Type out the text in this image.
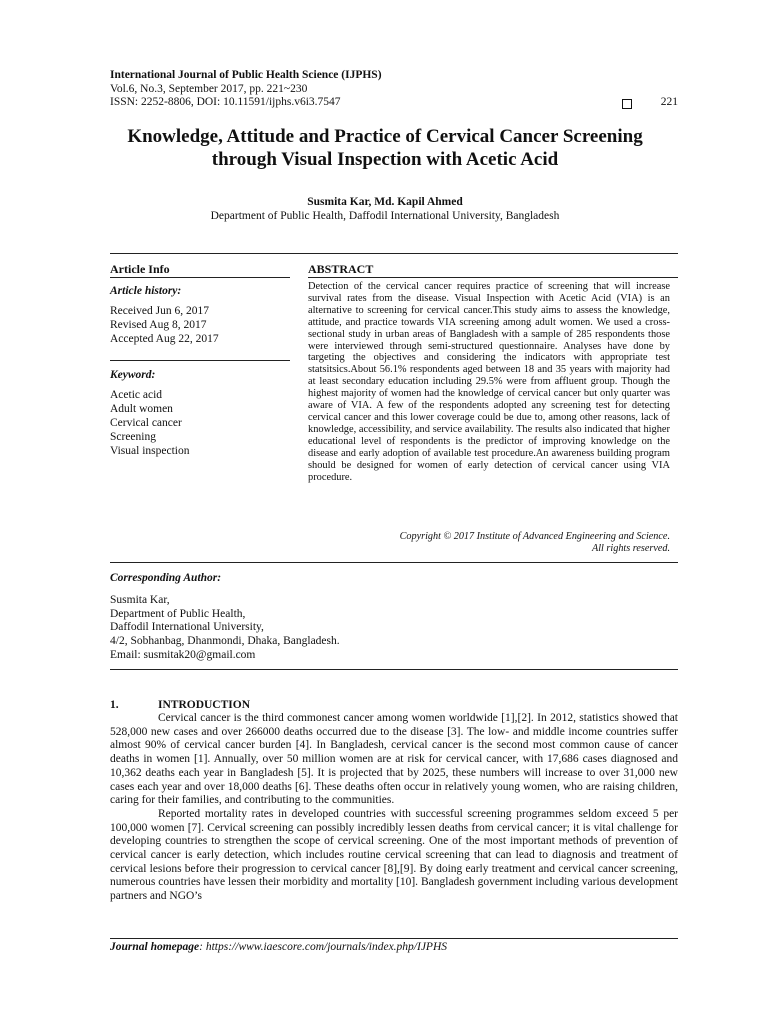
International Journal of Public Health Science (IJPHS)
Vol.6, No.3, September 2017, pp. 221~230
ISSN: 2252-8806, DOI: 10.11591/ijphs.v6i3.7547	221
Knowledge, Attitude and Practice of Cervical Cancer Screening
through Visual Inspection with Acetic Acid
Susmita Kar, Md. Kapil Ahmed
Department of Public Health, Daffodil International University, Bangladesh
Article Info	ABSTRACT
Article history:
Received Jun 6, 2017
Revised Aug 8, 2017
Accepted Aug 22, 2017
Keyword:
Acetic acid
Adult women
Cervical cancer
Screening
Visual inspection
Detection of the cervical cancer requires practice of screening that will increase survival rates from the disease. Visual Inspection with Acetic Acid (VIA) is an alternative to screening for cervical cancer.This study aims to assess the knowledge, attitude, and practice towards VIA screening among adult women. We used a cross-sectional study in urban areas of Bangladesh with a sample of 285 respondents those were interviewed through semi-structured questionnaire. Analyses have done by targeting the objectives and considering the indicators with appropriate test statsitsics.About 56.1% respondents aged between 18 and 35 years with majority had at least secondary education including 29.5% were from affluent group. Though the highest majority of women had the knowledge of cervical cancer but only quarter was aware of VIA. A few of the respondents adopted any screening test for detecting cervical cancer and this lower coverage could be due to, among other reasons, lack of knowledge, accessibility, and service availability. The results also indicated that higher educational level of respondents is the predictor of improving knowledge on the disease and early adoption of available test procedure.An awareness building program should be designed for women of early detection of cervical cancer using VIA procedure.
Copyright © 2017 Institute of Advanced Engineering and Science.
All rights reserved.
Corresponding Author:
Susmita Kar,
Department of Public Health,
Daffodil International University,
4/2, Sobhanbag, Dhanmondi, Dhaka, Bangladesh.
Email: susmitak20@gmail.com
1.	INTRODUCTION

Cervical cancer is the third commonest cancer among women worldwide [1],[2]. In 2012, statistics showed that 528,000 new cases and over 266000 deaths occurred due to the disease [3]. The low- and middle income countries suffer almost 90% of cervical cancer burden [4]. In Bangladesh, cervical cancer is the second most common cause of cancer deaths in women [1]. Annually, over 50 million women are at risk for cervical cancer, with 17,686 cases diagnosed and 10,362 deaths each year in Bangladesh [5]. It is projected that by 2025, these numbers will increase to over 31,000 new cases each year and over 18,000 deaths [6]. These deaths often occur in relatively young women, who are raising children, caring for their families, and contributing to the communities.

Reported mortality rates in developed countries with successful screening programmes seldom exceed 5 per 100,000 women [7]. Cervical screening can possibly incredibly lessen deaths from cervical cancer; it is vital challenge for developing countries to strengthen the scope of cervical screening. One of the most important methods of prevention of cervical cancer is early detection, which includes routine cervical screening that can lead to diagnosis and treatment of cervical lesions before their progression to cervical cancer [8],[9]. By doing early treatment and cervical cancer screening, numerous countries have lessen their morbidity and mortality [10]. Bangladesh government including various development partners and NGO’s

Journal homepage: https://www.iaescore.com/journals/index.php/IJPHS
